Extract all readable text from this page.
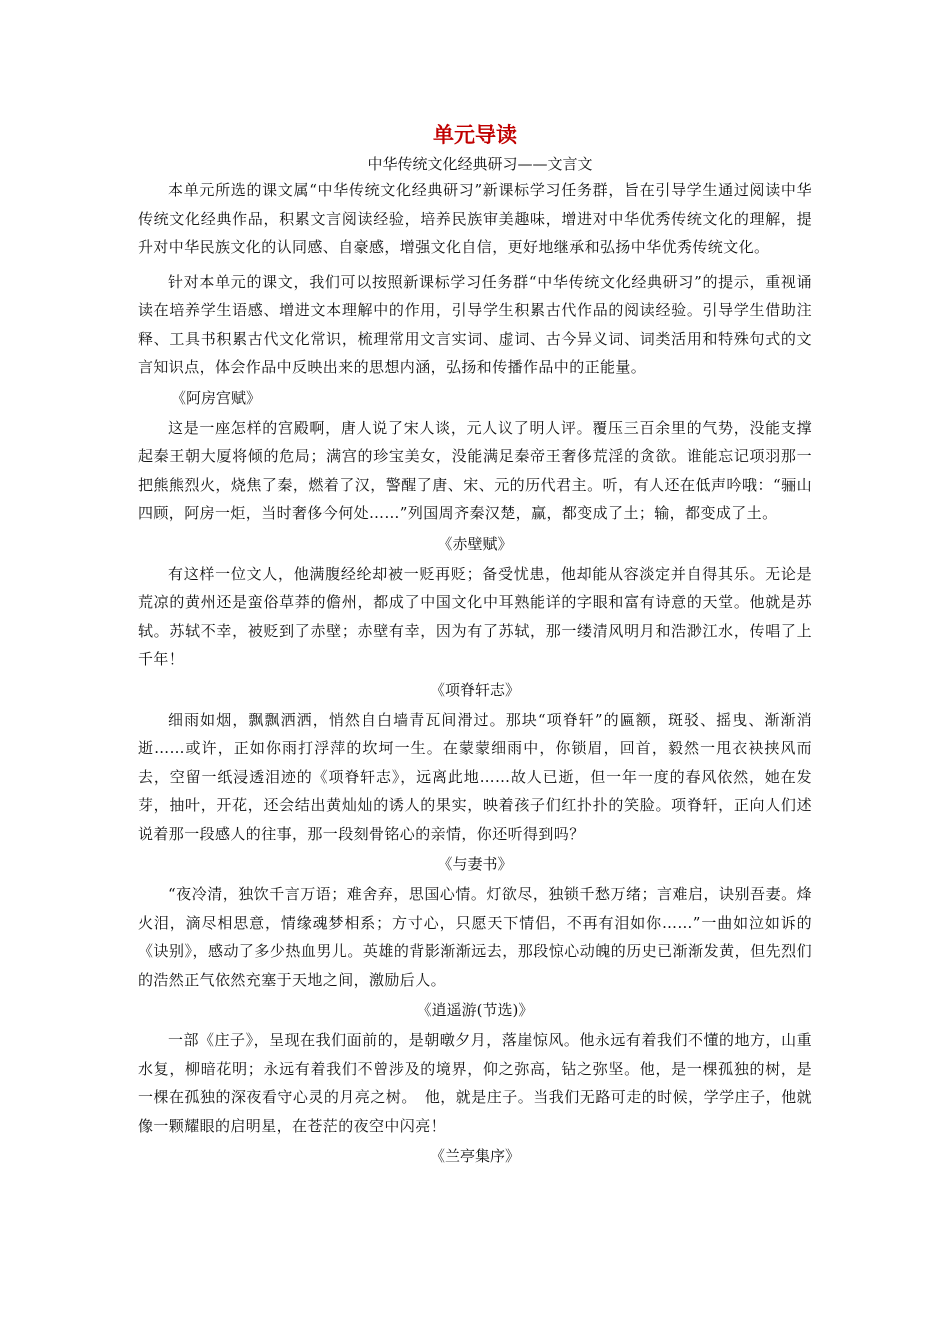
单元导读
中华传统文化经典研习——文言文

本单元所选的课文属“中华传统文化经典研习”新课标学习任务群，旨在引导学生通过阅读中华传统文化经典作品，积累文言阅读经验，培养民族审美趣味，增进对中华优秀传统文化的理解，提升对中华民族文化的认同感、自豪感，增强文化自信，更好地继承和弘扬中华优秀传统文化。

针对本单元的课文，我们可以按照新课标学习任务群“中华传统文化经典研习”的提示，重视诵读在培养学生语感、增进文本理解中的作用，引导学生积累古代作品的阅读经验。引导学生借助注释、工具书积累古代文化常识，梳理常用文言实词、虚词、古今异义词、词类活用和特殊句式的文言知识点，体会作品中反映出来的思想内涵，弘扬和传播作品中的正能量。

《阿房宫赋》

这是一座怎样的宫殿啊，唐人说了宋人谈，元人议了明人评。覆压三百余里的气势，没能支撑起秦王朝大厦将倾的危局；满宫的珍宝美女，没能满足秦帝王奢侈荒淫的贪欲。谁能忘记项羽那一把熊熊烈火，烧焦了秦，燃着了汉，警醒了唐、宋、元的历代君主。听，有人还在低声吟哦：“骊山四顾，阿房一炬，当时奢侈今何处……”列国周齐秦汉楚，赢，都变成了土；输，都变成了土。

《赤壁赋》

有这样一位文人，他满腹经纶却被一贬再贬；备受忧患，他却能从容淡定并自得其乐。无论是荒凉的黄州还是蛮俗草莽的儋州，都成了中国文化中耳熟能详的字眼和富有诗意的天堂。他就是苏轼。苏轼不幸，被贬到了赤壁；赤壁有幸，因为有了苏轼，那一缕清风明月和浩渺江水，传唱了上千年！

《项脊轩志》

细雨如烟，飘飘洒洒，悄然自白墙青瓦间滑过。那块“项脊轩”的匾额，斑驳、摇曳、渐渐消逝……或许，正如你雨打浮萍的坎坷一生。在蒙蒙细雨中，你锁眉，回首，毅然一甩衣袂挟风而去，空留一纸浸透泪迹的《项脊轩志》，远离此地……故人已逝，但一年一度的春风依然，她在发芽，抽叶，开花，还会结出黄灿灿的诱人的果实，映着孩子们红扑扑的笑脸。项脊轩，正向人们述说着那一段感人的往事，那一段刻骨铭心的亲情，你还听得到吗？

《与妻书》

“夜冷清，独饮千言万语；难舍弃，思国心情。灯欲尽，独锁千愁万绪；言难启，诀别吾妻。烽火泪，滴尽相思意，情缘魂梦相系；方寸心，只愿天下情侣，不再有泪如你……”一曲如泣如诉的《诀别》，感动了多少热血男儿。英雄的背影渐渐远去，那段惊心动魄的历史已渐渐发黄，但先烈们的浩然正气依然充塞于天地之间，激励后人。

《逍遥游(节选)》

一部《庄子》，呈现在我们面前的，是朝暾夕月，落崖惊风。他永远有着我们不懂的地方，山重水复，柳暗花明；永远有着我们不曾涉及的境界，仰之弥高，钻之弥坚。他，是一棵孤独的树，是一棵在孤独的深夜看守心灵的月亮之树。　他，就是庄子。当我们无路可走的时候，学学庄子，他就像一颗耀眼的启明星，在苍茫的夜空中闪亮！

《兰亭集序》
